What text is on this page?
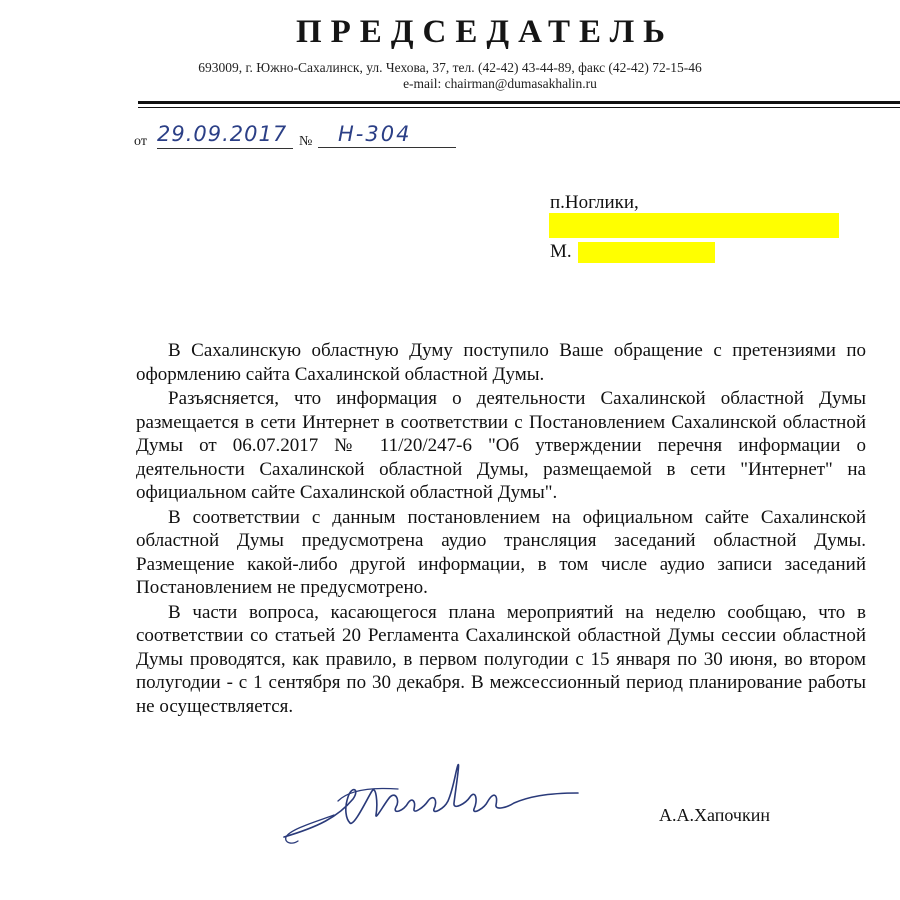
ПРЕДСЕДАТЕЛЬ
693009, г. Южно-Сахалинск, ул. Чехова, 37, тел. (42-42) 43-44-89, факс (42-42) 72-15-46
e-mail: chairman@dumasakhalin.ru
от 29.09.2017 №	Н-304
п.Ноглики,
М.

В Сахалинскую областную Думу поступило Ваше обращение с претензиями по оформлению сайта Сахалинской областной Думы.

Разъясняется, что информация о деятельности Сахалинской областной Думы размещается в сети Интернет в соответствии с Постановлением Сахалинской областной Думы от 06.07.2017 № 11/20/247-6 "Об утверждении перечня информации о деятельности Сахалинской областной Думы, размещаемой в сети "Интернет" на официальном сайте Сахалинской областной Думы".

В соответствии с данным постановлением на официальном сайте Сахалинской областной Думы предусмотрена аудио трансляция заседаний областной Думы. Размещение какой-либо другой информации, в том числе аудио записи заседаний Постановлением не предусмотрено.

В части вопроса, касающегося плана мероприятий на неделю сообщаю, что в соответствии со статьей 20 Регламента Сахалинской областной Думы сессии областной Думы проводятся, как правило, в первом полугодии с 15 января по 30 июня, во втором полугодии - с 1 сентября по 30 декабря. В межсессионный период планирование работы не осуществляется.

А.А.Хапочкин
